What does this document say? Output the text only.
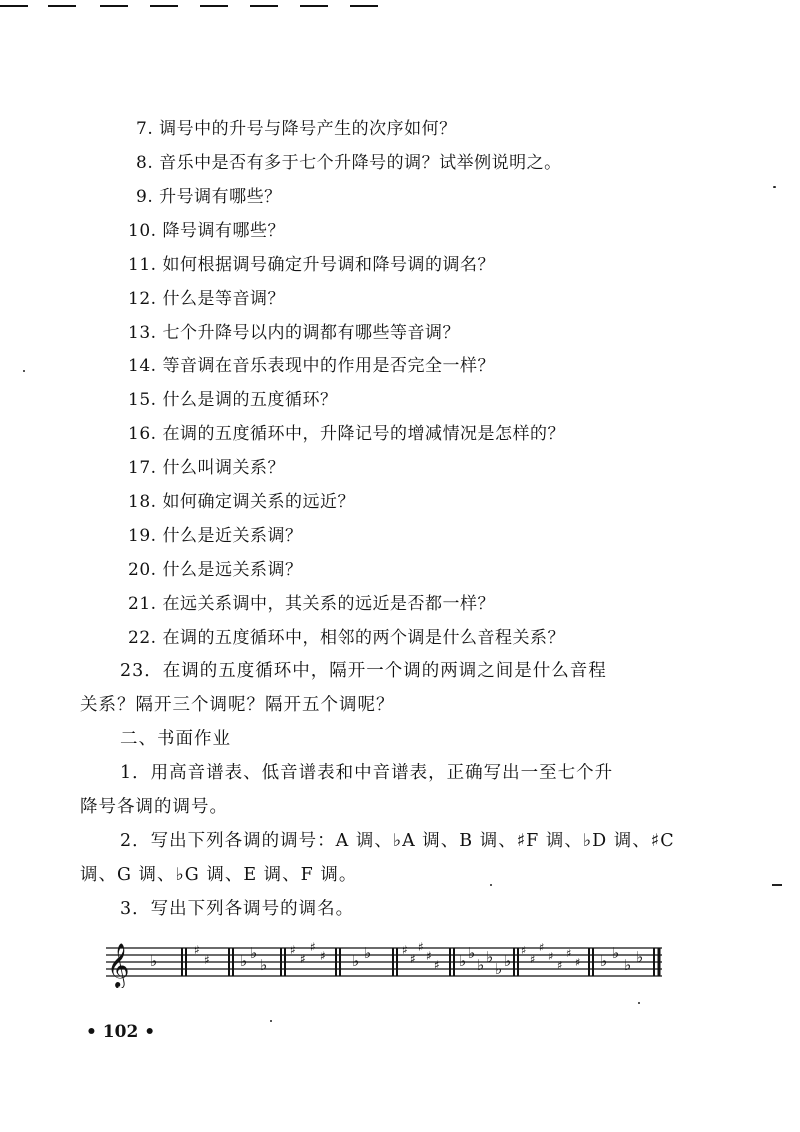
7. 调号中的升号与降号产生的次序如何？
8. 音乐中是否有多于七个升降号的调？试举例说明之。
9. 升号调有哪些？
10. 降号调有哪些？
11. 如何根据调号确定升号调和降号调的调名？
12. 什么是等音调？
13. 七个升降号以内的调都有哪些等音调？
14. 等音调在音乐表现中的作用是否完全一样？
15. 什么是调的五度循环？
16. 在调的五度循环中，升降记号的增减情况是怎样的？
17. 什么叫调关系？
18. 如何确定调关系的远近？
19. 什么是近关系调？
20. 什么是远关系调？
21. 在远关系调中，其关系的远近是否都一样？
22. 在调的五度循环中，相邻的两个调是什么音程关系？
23．在调的五度循环中，隔开一个调的两调之间是什么音程
关系？隔开三个调呢？隔开五个调呢？
二、书面作业
1．用高音谱表、低音谱表和中音谱表，正确写出一至七个升
降号各调的调号。
2．写出下列各调的调号：A 调、♭A 调、B 调、♯F 调、♭D 调、♯C
调、G 调、♭G 调、E 调、F 调。
3．写出下列各调号的调名。
𝄞 ♭
♯
♯ ♭ ♭
♭
♯
♯
♯
♯ ♭ ♭	♯
♯
♯
♯
♯ ♭ ♭
♭ ♭
♭ ♭
♯
♯
♯
♯
♯
♯
♯ ♭ ♭
♭ ♭
• 102 •
